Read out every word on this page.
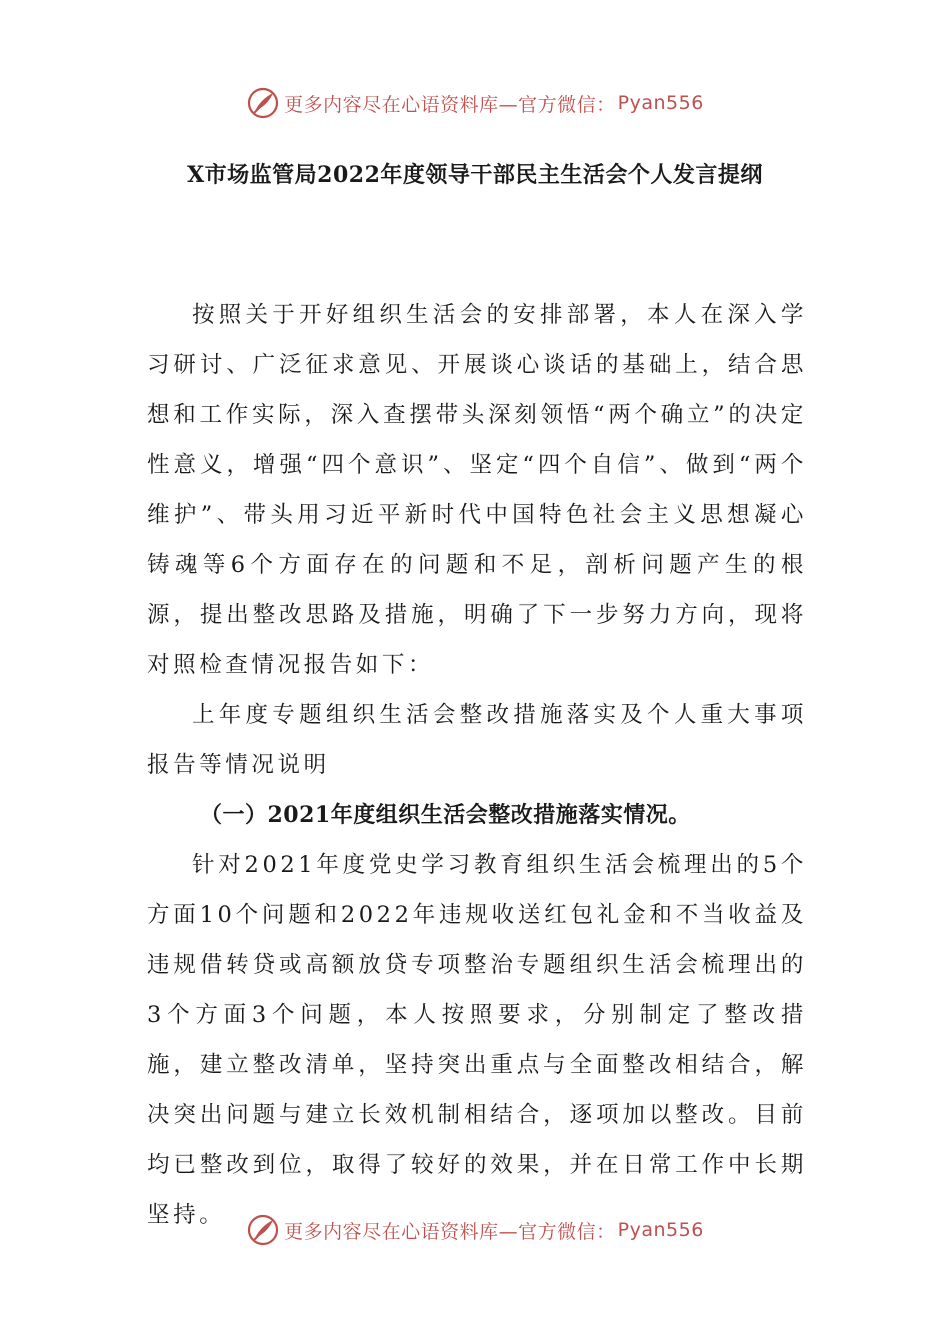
更多内容尽在心语资料库—官方微信： Pyan556
X市场监管局2022年度领导干部民主生活会个人发言提纲

按照关于开好组织生活会的安排部署，本人在深入学习研讨、广泛征求意见、开展谈心谈话的基础上，结合思想和工作实际，深入查摆带头深刻领悟“两个确立”的决定性意义，增强“四个意识”、坚定“四个自信”、做到“两个维护”、带头用习近平新时代中国特色社会主义思想凝心铸魂等6个方面存在的问题和不足，剖析问题产生的根源，提出整改思路及措施，明确了下一步努力方向，现将对照检查情况报告如下：

上年度专题组织生活会整改措施落实及个人重大事项报告等情况说明

（一）2021年度组织生活会整改措施落实情况。

针对2021年度党史学习教育组织生活会梳理出的5个方面10个问题和2022年违规收送红包礼金和不当收益及违规借转贷或高额放贷专项整治专题组织生活会梳理出的3个方面3个问题，本人按照要求，分别制定了整改措施，建立整改清单，坚持突出重点与全面整改相结合，解决突出问题与建立长效机制相结合，逐项加以整改。目前均已整改到位，取得了较好的效果，并在日常工作中长期坚持。

更多内容尽在心语资料库—官方微信： Pyan556
